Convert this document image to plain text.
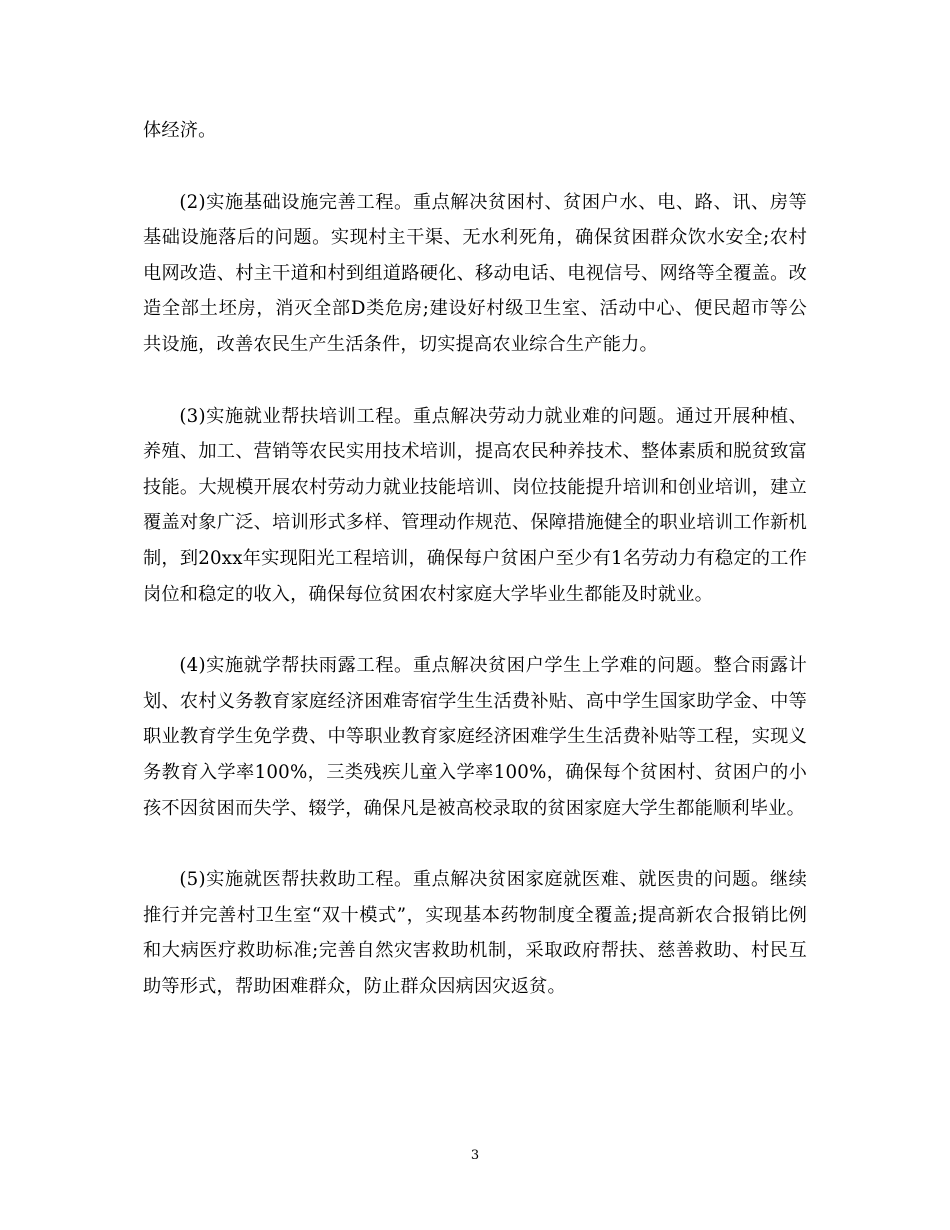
体经济。

(2)实施基础设施完善工程。重点解决贫困村、贫困户水、电、路、讯、房等基础设施落后的问题。实现村主干渠、无水利死角，确保贫困群众饮水安全;农村电网改造、村主干道和村到组道路硬化、移动电话、电视信号、网络等全覆盖。改造全部土坯房，消灭全部D类危房;建设好村级卫生室、活动中心、便民超市等公共设施，改善农民生产生活条件，切实提高农业综合生产能力。

(3)实施就业帮扶培训工程。重点解决劳动力就业难的问题。通过开展种植、养殖、加工、营销等农民实用技术培训，提高农民种养技术、整体素质和脱贫致富技能。大规模开展农村劳动力就业技能培训、岗位技能提升培训和创业培训，建立覆盖对象广泛、培训形式多样、管理动作规范、保障措施健全的职业培训工作新机制，到20xx年实现阳光工程培训，确保每户贫困户至少有1名劳动力有稳定的工作岗位和稳定的收入，确保每位贫困农村家庭大学毕业生都能及时就业。

(4)实施就学帮扶雨露工程。重点解决贫困户学生上学难的问题。整合雨露计划、农村义务教育家庭经济困难寄宿学生生活费补贴、高中学生国家助学金、中等职业教育学生免学费、中等职业教育家庭经济困难学生生活费补贴等工程，实现义务教育入学率100%，三类残疾儿童入学率100%，确保每个贫困村、贫困户的小孩不因贫困而失学、辍学，确保凡是被高校录取的贫困家庭大学生都能顺利毕业。

(5)实施就医帮扶救助工程。重点解决贫困家庭就医难、就医贵的问题。继续推行并完善村卫生室“双十模式”，实现基本药物制度全覆盖;提高新农合报销比例和大病医疗救助标准;完善自然灾害救助机制，采取政府帮扶、慈善救助、村民互助等形式，帮助困难群众，防止群众因病因灾返贫。

3
